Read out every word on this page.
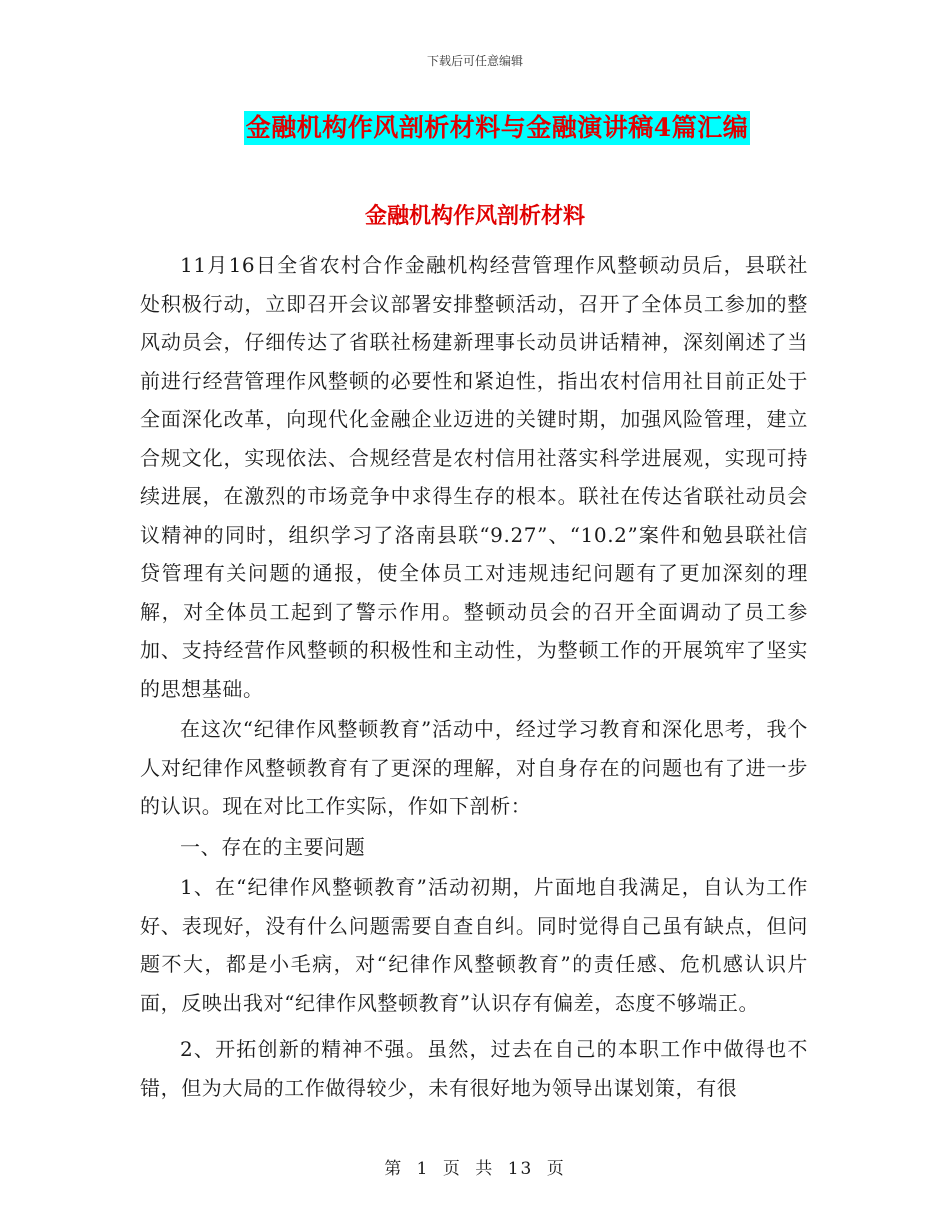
下载后可任意编辑
金融机构作风剖析材料与金融演讲稿4篇汇编
金融机构作风剖析材料

11月16日全省农村合作金融机构经营管理作风整顿动员后，县联社处积极行动，立即召开会议部署安排整顿活动，召开了全体员工参加的整风动员会，仔细传达了省联社杨建新理事长动员讲话精神，深刻阐述了当前进行经营管理作风整顿的必要性和紧迫性，指出农村信用社目前正处于全面深化改革，向现代化金融企业迈进的关键时期，加强风险管理，建立合规文化，实现依法、合规经营是农村信用社落实科学进展观，实现可持续进展，在激烈的市场竞争中求得生存的根本。联社在传达省联社动员会议精神的同时，组织学习了洛南县联“9.27”、“10.2”案件和勉县联社信贷管理有关问题的通报，使全体员工对违规违纪问题有了更加深刻的理解，对全体员工起到了警示作用。整顿动员会的召开全面调动了员工参加、支持经营作风整顿的积极性和主动性，为整顿工作的开展筑牢了坚实的思想基础。

在这次“纪律作风整顿教育”活动中，经过学习教育和深化思考，我个人对纪律作风整顿教育有了更深的理解，对自身存在的问题也有了进一步的认识。现在对比工作实际，作如下剖析：

一、存在的主要问题

1、在“纪律作风整顿教育”活动初期，片面地自我满足，自认为工作好、表现好，没有什么问题需要自查自纠。同时觉得自己虽有缺点，但问题不大，都是小毛病，对“纪律作风整顿教育”的责任感、危机感认识片面，反映出我对“纪律作风整顿教育”认识存有偏差，态度不够端正。

2、开拓创新的精神不强。虽然，过去在自己的本职工作中做得也不错，但为大局的工作做得较少，未有很好地为领导出谋划策，有很

第 1 页 共 13 页
